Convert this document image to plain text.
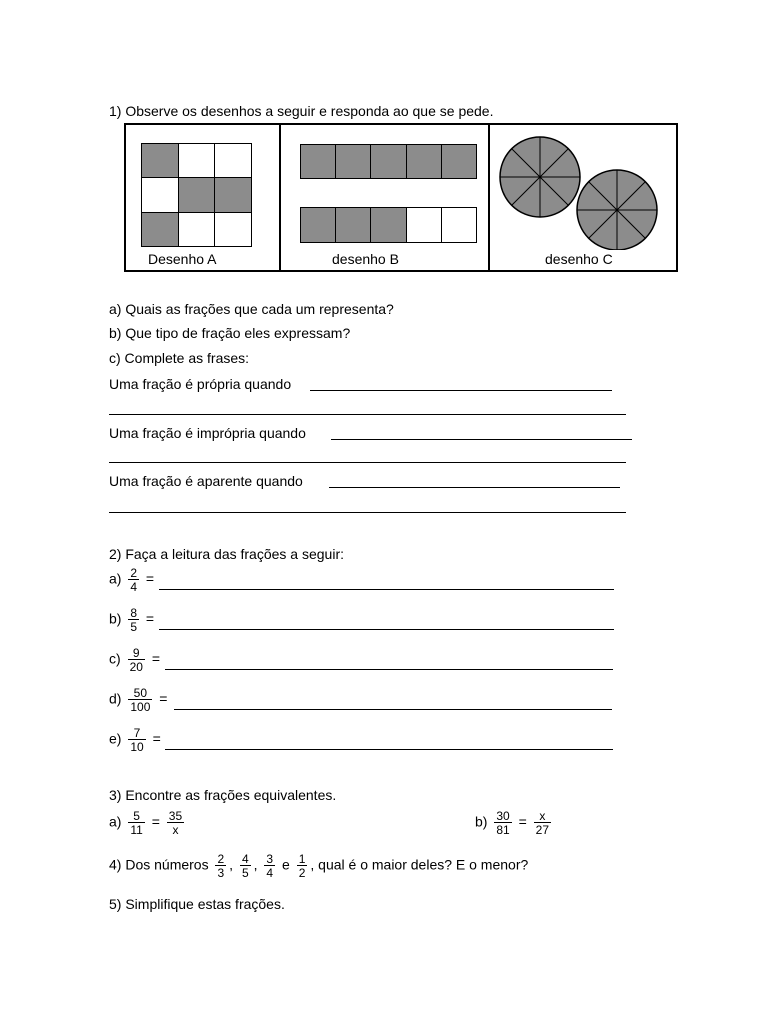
1) Observe os desenhos a seguir e responda ao que se pede.
Desenho A	desenho B	desenho C
a) Quais as frações que cada um representa?
b) Que tipo de fração eles expressam?
c) Complete as frases:
Uma fração é própria quando
Uma fração é imprópria quando
Uma fração é aparente quando
2) Faça a leitura das frações a seguir:
$a) \frac{2}{4}$ =
$b) \frac{8}{5}$ =
$c) \frac{9}{20}$ =
$d) \frac{50}{100}$ =
$e) \frac{7}{10}$ =
3) Encontre as frações equivalentes.
$a) \frac{5}{11} = \frac{35}{x}$	$b) \frac{30}{81} = \frac{x}{27}$
4) Dos números $\frac{2}{3}$ , $\frac{4}{5}$ , $\frac{3}{4}$ e $\frac{1}{2}$ , qual é o maior deles? E o menor?
5) Simplifique estas frações.
